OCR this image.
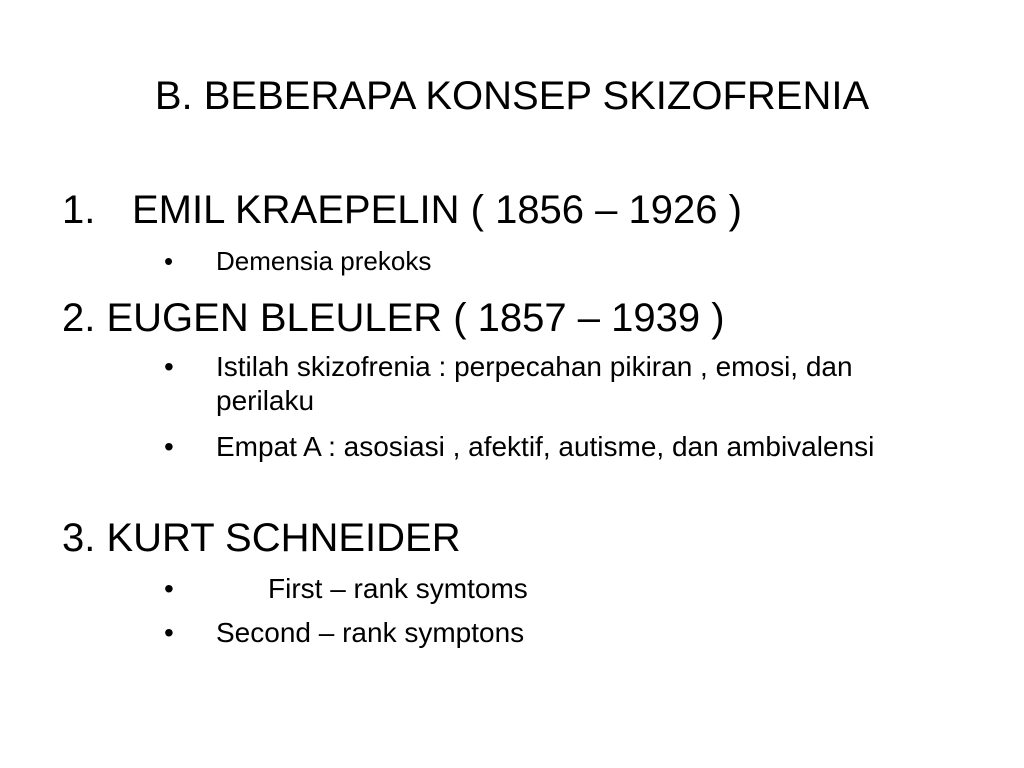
B. BEBERAPA KONSEP SKIZOFRENIA
1. EMIL KRAEPELIN ( 1856 – 1926 )
• Demensia prekoks
2. EUGEN BLEULER ( 1857 – 1939 )
• Istilah skizofrenia : perpecahan pikiran , emosi, dan perilaku
• Empat A : asosiasi , afektif, autisme, dan ambivalensi
3. KURT SCHNEIDER
•	First – rank symtoms
• Second – rank symptons
